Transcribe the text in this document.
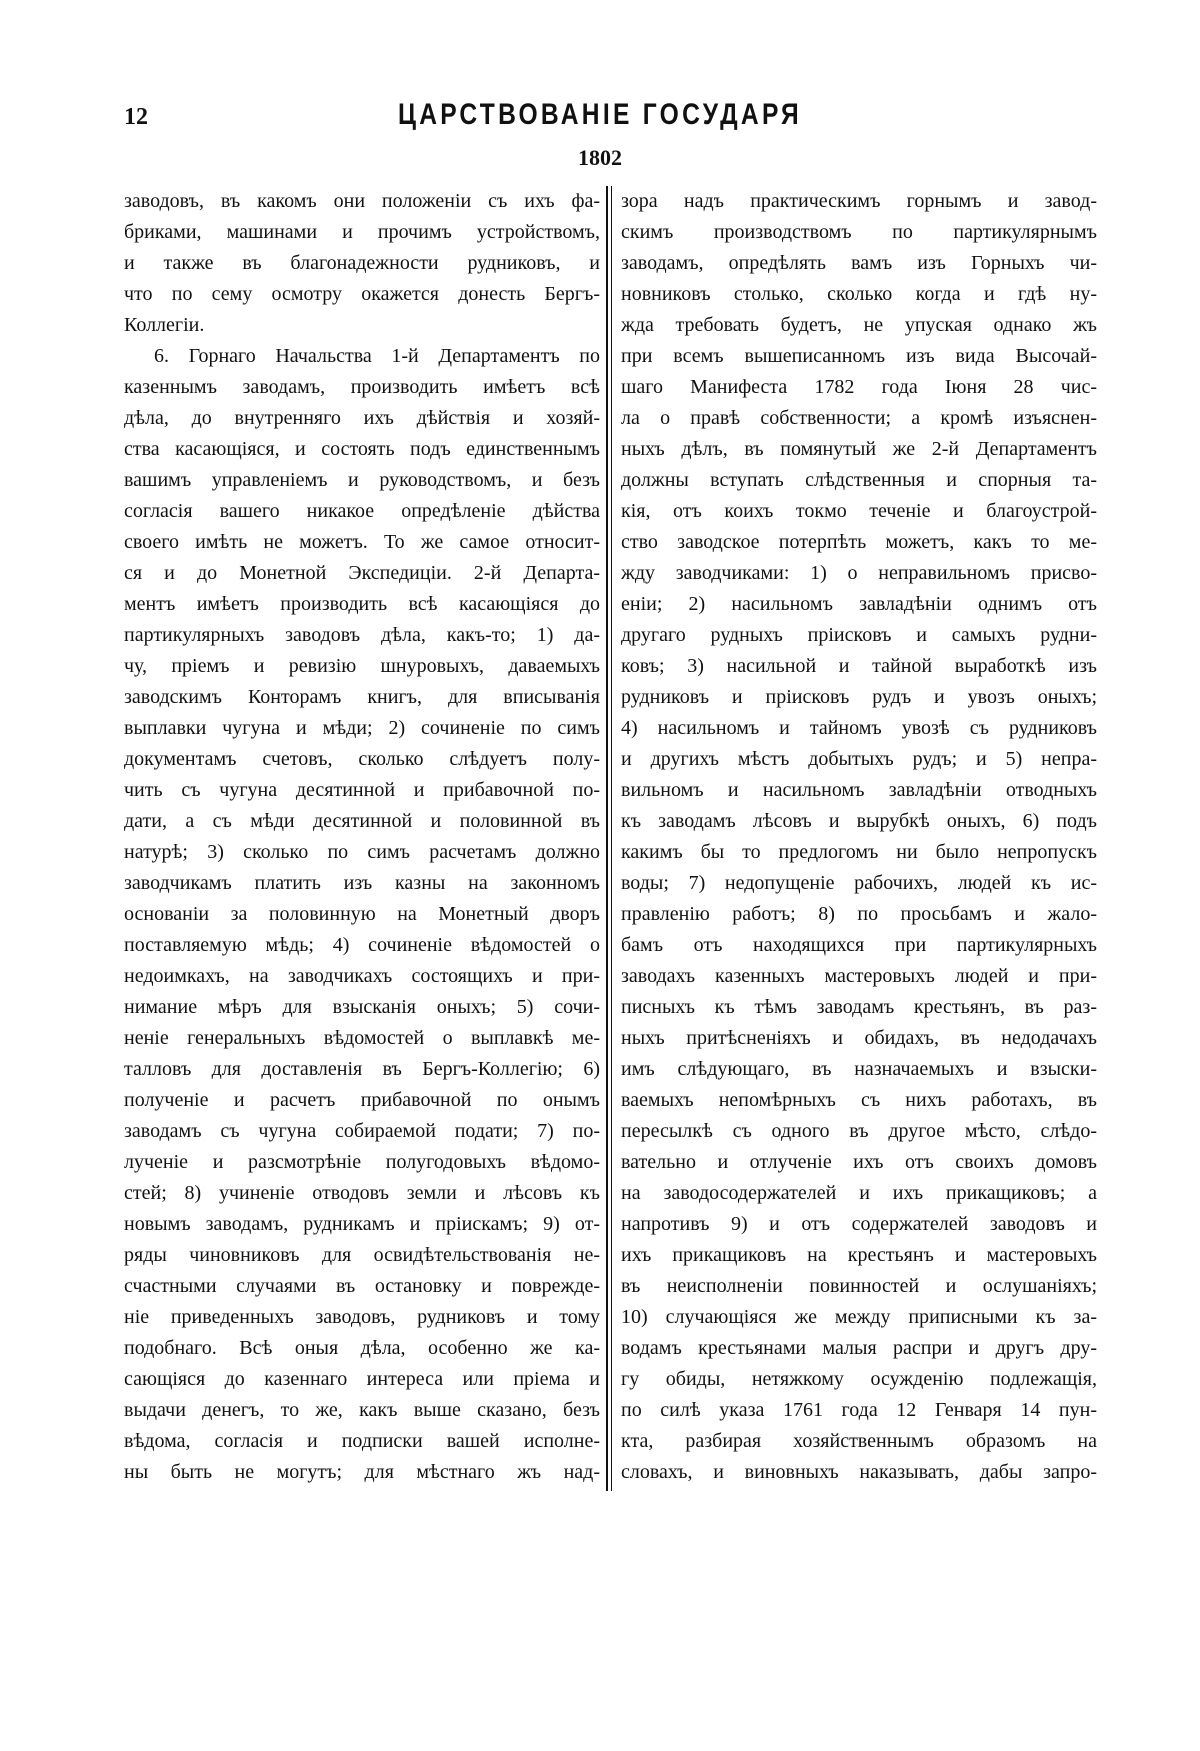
12	ЦАРСТВОВАНІЕ ГОСУДАРЯ
1802
заводовъ, въ какомъ они положеніи съ ихъ фа-
бриками, машинами и прочимъ устройствомъ,
и также въ благонадежности рудниковъ, и
что по сему осмотру окажется донесть Бергъ-
Коллегіи.
6. Горнаго Начальства 1-й Департаментъ по
казеннымъ заводамъ, производить имѣетъ всѣ
дѣла, до внутренняго ихъ дѣйствія и хозяй-
ства касающіяся, и состоять подъ единственнымъ
вашимъ управленіемъ и руководствомъ, и безъ
согласія вашего никакое опредѣленіе дѣйства
своего имѣть не можетъ. То же самое относит-
ся и до Монетной Экспедиціи. 2-й Департа-
ментъ имѣетъ производить всѣ касающіяся до
партикулярныхъ заводовъ дѣла, какъ-то; 1) да-
чу, пріемъ и ревизію шнуровыхъ, даваемыхъ
заводскимъ Конторамъ книгъ, для вписыванія
выплавки чугуна и мѣди; 2) сочиненіе по симъ
документамъ счетовъ, сколько слѣдуетъ полу-
чить съ чугуна десятинной и прибавочной по-
дати, а съ мѣди десятинной и половинной въ
натурѣ; 3) сколько по симъ расчетамъ должно
заводчикамъ платить изъ казны на законномъ
основаніи за половинную на Монетный дворъ
поставляемую мѣдь; 4) сочиненіе вѣдомостей о
недоимкахъ, на заводчикахъ состоящихъ и при-
нимание мѣръ для взысканія оныхъ; 5) сочи-
неніе генеральныхъ вѣдомостей о выплавкѣ ме-
талловъ для доставленія въ Бергъ-Коллегію; 6)
полученіе и расчетъ прибавочной по онымъ
заводамъ съ чугуна собираемой подати; 7) по-
лученіе и разсмотрѣніе полугодовыхъ вѣдомо-
стей; 8) учиненіе отводовъ земли и лѣсовъ къ
новымъ заводамъ, рудникамъ и пріискамъ; 9) от-
ряды чиновниковъ для освидѣтельствованія не-
счастными случаями въ остановку и поврежде-
ніе приведенныхъ заводовъ, рудниковъ и тому
подобнаго. Всѣ оныя дѣла, особенно же ка-
сающіяся до казеннаго интереса или пріема и
выдачи денегъ, то же, какъ выше сказано, безъ
вѣдома, согласія и подписки вашей исполне-
ны быть не могутъ; для мѣстнаго жъ над-
зора надъ практическимъ горнымъ и завод-
скимъ производствомъ по партикулярнымъ
заводамъ, опредѣлять вамъ изъ Горныхъ чи-
новниковъ столько, сколько когда и гдѣ ну-
жда требовать будетъ, не упуская однако жъ
при всемъ вышеписанномъ изъ вида Высочай-
шаго Манифеста 1782 года Іюня 28 чис-
ла о правѣ собственности; а кромѣ изъяснен-
ныхъ дѣлъ, въ помянутый же 2-й Департаментъ
должны вступать слѣдственныя и спорныя та-
кія, отъ коихъ токмо теченіе и благоустрой-
ство заводское потерпѣть можетъ, какъ то ме-
жду заводчиками: 1) о неправильномъ присво-
еніи; 2) насильномъ завладѣніи однимъ отъ
другаго рудныхъ пріисковъ и самыхъ рудни-
ковъ; 3) насильной и тайной выработкѣ изъ
рудниковъ и пріисковъ рудъ и увозъ оныхъ;
4) насильномъ и тайномъ увозѣ съ рудниковъ
и другихъ мѣстъ добытыхъ рудъ; и 5) непра-
вильномъ и насильномъ завладѣніи отводныхъ
къ заводамъ лѣсовъ и вырубкѣ оныхъ, 6) подъ
какимъ бы то предлогомъ ни было непропускъ
воды; 7) недопущеніе рабочихъ, людей къ ис-
правленію работъ; 8) по просьбамъ и жало-
бамъ отъ находящихся при партикулярныхъ
заводахъ казенныхъ мастеровыхъ людей и при-
писныхъ къ тѣмъ заводамъ крестьянъ, въ раз-
ныхъ притѣсненіяхъ и обидахъ, въ недодачахъ
имъ слѣдующаго, въ назначаемыхъ и взыски-
ваемыхъ непомѣрныхъ съ нихъ работахъ, въ
пересылкѣ съ одного въ другое мѣсто, слѣдо-
вательно и отлученіе ихъ отъ своихъ домовъ
на заводосодержателей и ихъ прикащиковъ; а
напротивъ 9) и отъ содержателей заводовъ и
ихъ прикащиковъ на крестьянъ и мастеровыхъ
въ неисполненіи повинностей и ослушаніяхъ;
10) случающіяся же между приписными къ за-
водамъ крестьянами малыя распри и другъ дру-
гу обиды, нетяжкому осужденію подлежащія,
по силѣ указа 1761 года 12 Генваря 14 пун-
кта, разбирая хозяйственнымъ образомъ на
словахъ, и виновныхъ наказывать, дабы запро-
